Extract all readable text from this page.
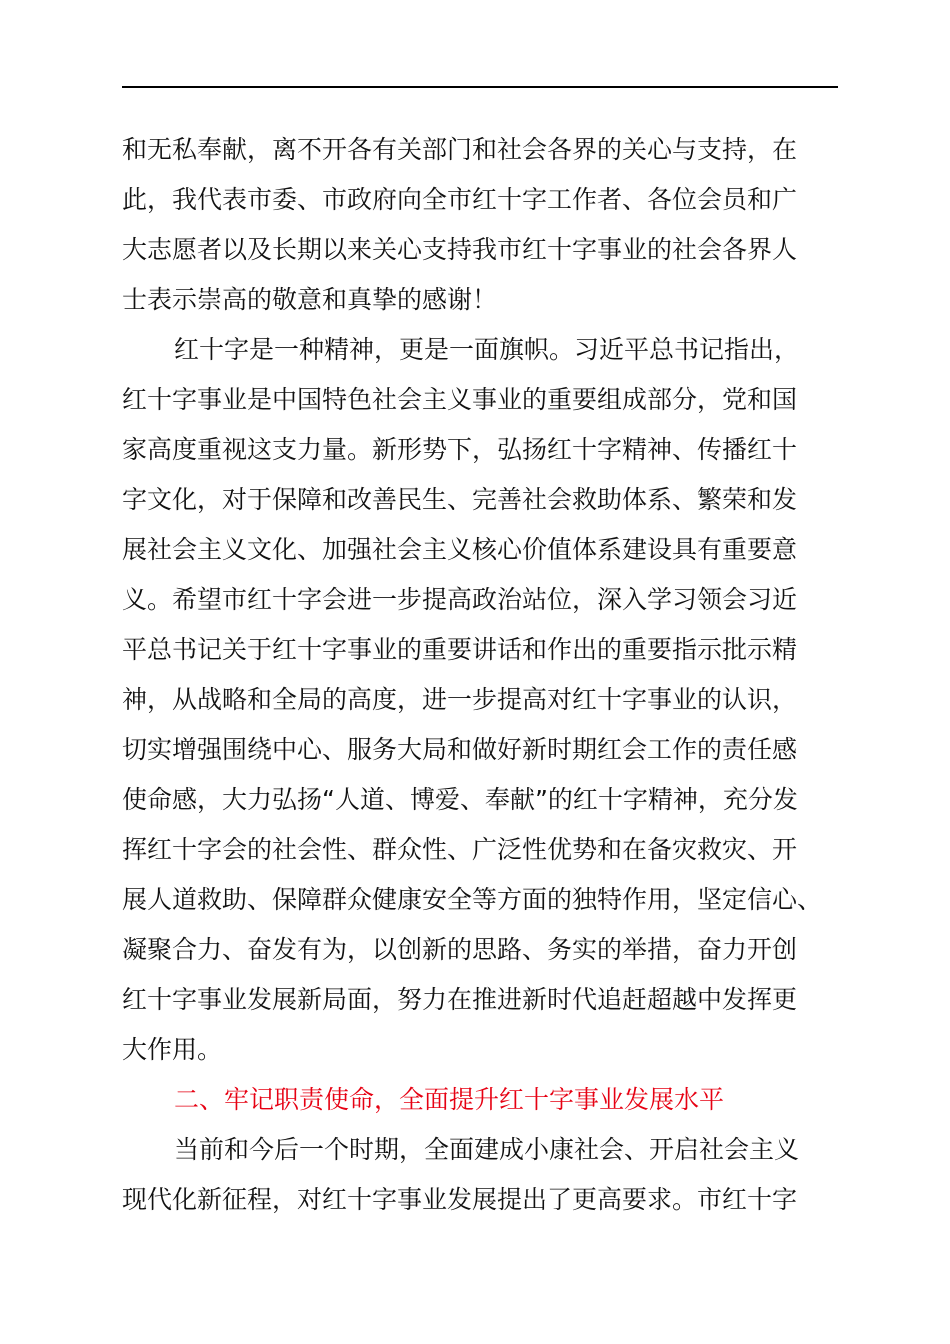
和无私奉献，离不开各有关部门和社会各界的关心与支持，在
此，我代表市委、市政府向全市红十字工作者、各位会员和广
大志愿者以及长期以来关心支持我市红十字事业的社会各界人
士表示崇高的敬意和真挚的感谢！
红十字是一种精神，更是一面旗帜。习近平总书记指出，
红十字事业是中国特色社会主义事业的重要组成部分，党和国
家高度重视这支力量。新形势下，弘扬红十字精神、传播红十
字文化，对于保障和改善民生、完善社会救助体系、繁荣和发
展社会主义文化、加强社会主义核心价值体系建设具有重要意
义。希望市红十字会进一步提高政治站位，深入学习领会习近
平总书记关于红十字事业的重要讲话和作出的重要指示批示精
神，从战略和全局的高度，进一步提高对红十字事业的认识，
切实增强围绕中心、服务大局和做好新时期红会工作的责任感
使命感，大力弘扬“人道、博爱、奉献”的红十字精神，充分发
挥红十字会的社会性、群众性、广泛性优势和在备灾救灾、开
展人道救助、保障群众健康安全等方面的独特作用，坚定信心、
凝聚合力、奋发有为，以创新的思路、务实的举措，奋力开创
红十字事业发展新局面，努力在推进新时代追赶超越中发挥更
大作用。
二、牢记职责使命，全面提升红十字事业发展水平
当前和今后一个时期，全面建成小康社会、开启社会主义
现代化新征程，对红十字事业发展提出了更高要求。市红十字
